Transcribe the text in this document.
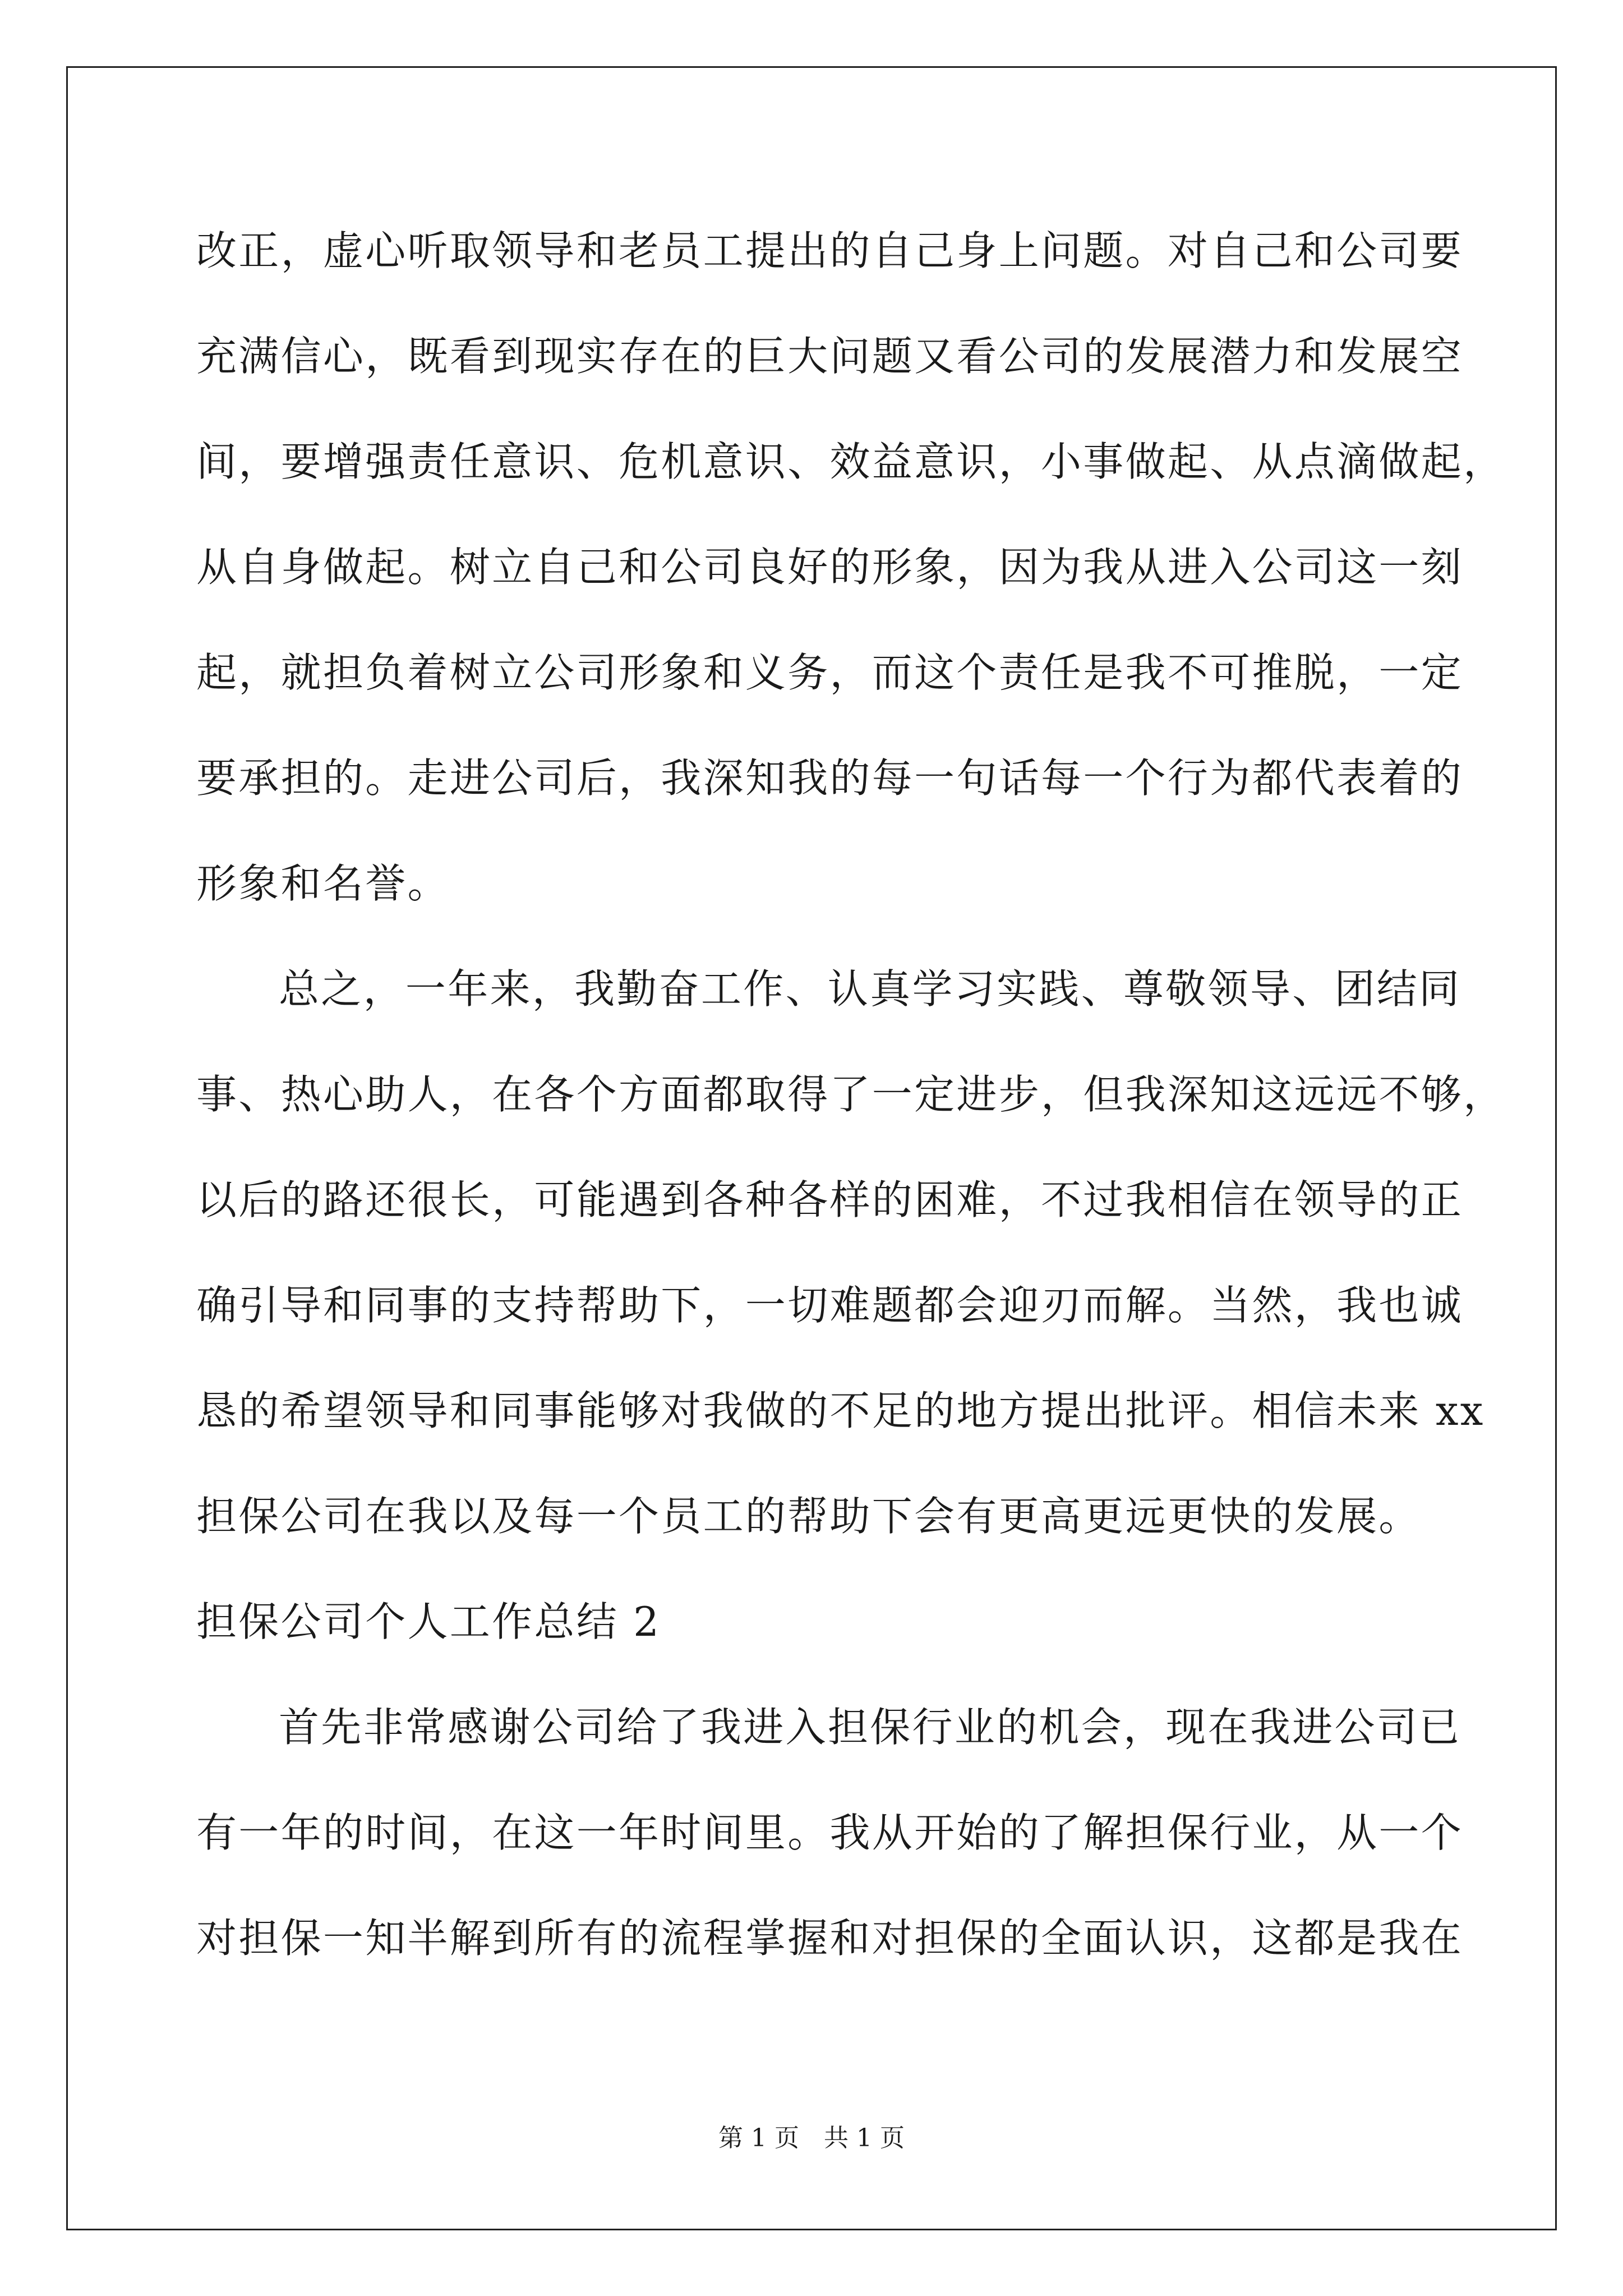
改正，虚心听取领导和老员工提出的自己身上问题。对自己和公司要
充满信心，既看到现实存在的巨大问题又看公司的发展潜力和发展空
间，要增强责任意识、危机意识、效益意识，小事做起、从点滴做起，
从自身做起。树立自己和公司良好的形象，因为我从进入公司这一刻
起，就担负着树立公司形象和义务，而这个责任是我不可推脱，一定
要承担的。走进公司后，我深知我的每一句话每一个行为都代表着的
形象和名誉。
总之，一年来，我勤奋工作、认真学习实践、尊敬领导、团结同
事、热心助人，在各个方面都取得了一定进步，但我深知这远远不够，
以后的路还很长，可能遇到各种各样的困难，不过我相信在领导的正
确引导和同事的支持帮助下，一切难题都会迎刃而解。当然，我也诚
恳的希望领导和同事能够对我做的不足的地方提出批评。相信未来 xx
担保公司在我以及每一个员工的帮助下会有更高更远更快的发展。
担保公司个人工作总结 2
首先非常感谢公司给了我进入担保行业的机会，现在我进公司已
有一年的时间，在这一年时间里。我从开始的了解担保行业，从一个
对担保一知半解到所有的流程掌握和对担保的全面认识，这都是我在
第 1 页 共 1 页
